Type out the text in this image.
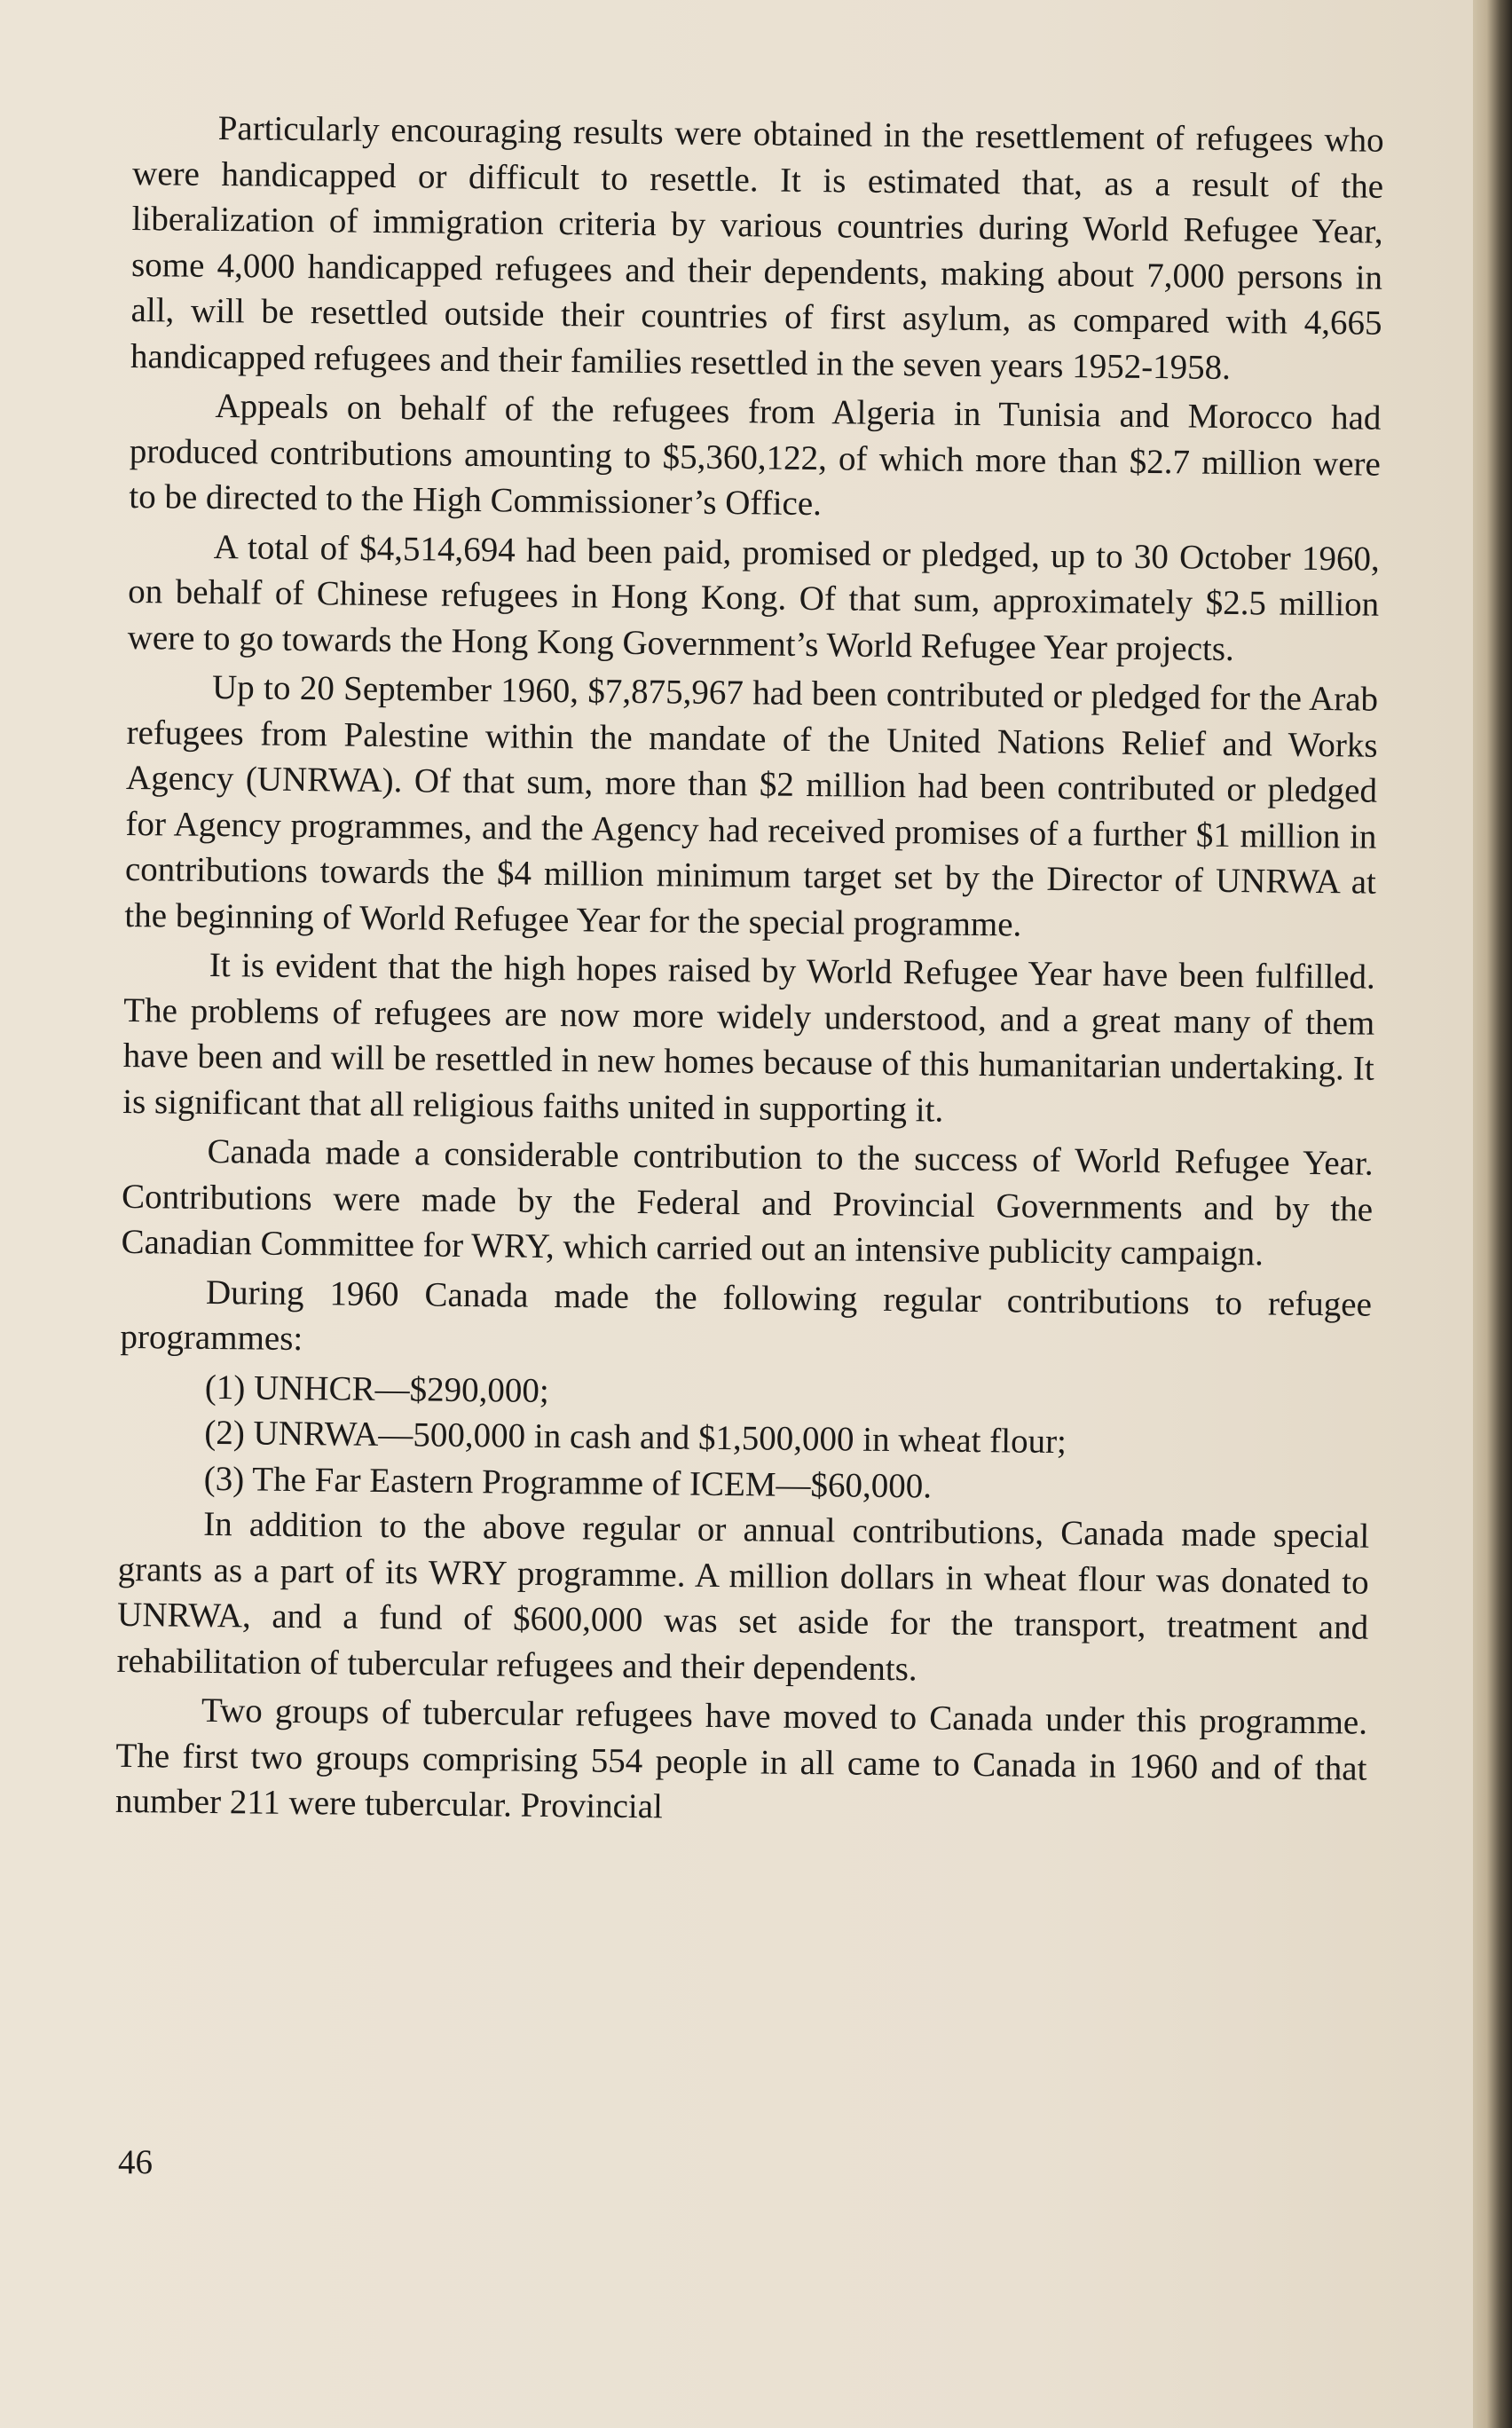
Particularly encouraging results were obtained in the resettlement of refugees who were handicapped or difficult to resettle. It is estimated that, as a result of the liberalization of immigration criteria by various countries during World Refugee Year, some 4,000 handicapped refugees and their dependents, making about 7,000 persons in all, will be resettled outside their countries of first asylum, as compared with 4,665 handicapped refugees and their families resettled in the seven years 1952-1958.

Appeals on behalf of the refugees from Algeria in Tunisia and Morocco had produced contributions amounting to $5,360,122, of which more than $2.7 million were to be directed to the High Commissioner’s Office.

A total of $4,514,694 had been paid, promised or pledged, up to 30 October 1960, on behalf of Chinese refugees in Hong Kong. Of that sum, approximately $2.5 million were to go towards the Hong Kong Government’s World Refugee Year projects.

Up to 20 September 1960, $7,875,967 had been contributed or pledged for the Arab refugees from Palestine within the mandate of the United Nations Relief and Works Agency (UNRWA). Of that sum, more than $2 million had been contributed or pledged for Agency programmes, and the Agency had received promises of a further $1 million in contributions towards the $4 million minimum target set by the Director of UNRWA at the beginning of World Refugee Year for the special programme.

It is evident that the high hopes raised by World Refugee Year have been fulfilled. The problems of refugees are now more widely understood, and a great many of them have been and will be resettled in new homes because of this humanitarian undertaking. It is significant that all religious faiths united in supporting it.

Canada made a considerable contribution to the success of World Refugee Year. Contributions were made by the Federal and Provincial Governments and by the Canadian Committee for WRY, which carried out an intensive publicity campaign.

During 1960 Canada made the following regular contributions to refugee programmes:

(1) UNHCR—$290,000;

(2) UNRWA—500,000 in cash and $1,500,000 in wheat flour;

(3) The Far Eastern Programme of ICEM—$60,000.

In addition to the above regular or annual contributions, Canada made special grants as a part of its WRY programme. A million dollars in wheat flour was donated to UNRWA, and a fund of $600,000 was set aside for the transport, treatment and rehabilitation of tubercular refugees and their dependents.

Two groups of tubercular refugees have moved to Canada under this programme. The first two groups comprising 554 people in all came to Canada in 1960 and of that number 211 were tubercular. Provincial

46
